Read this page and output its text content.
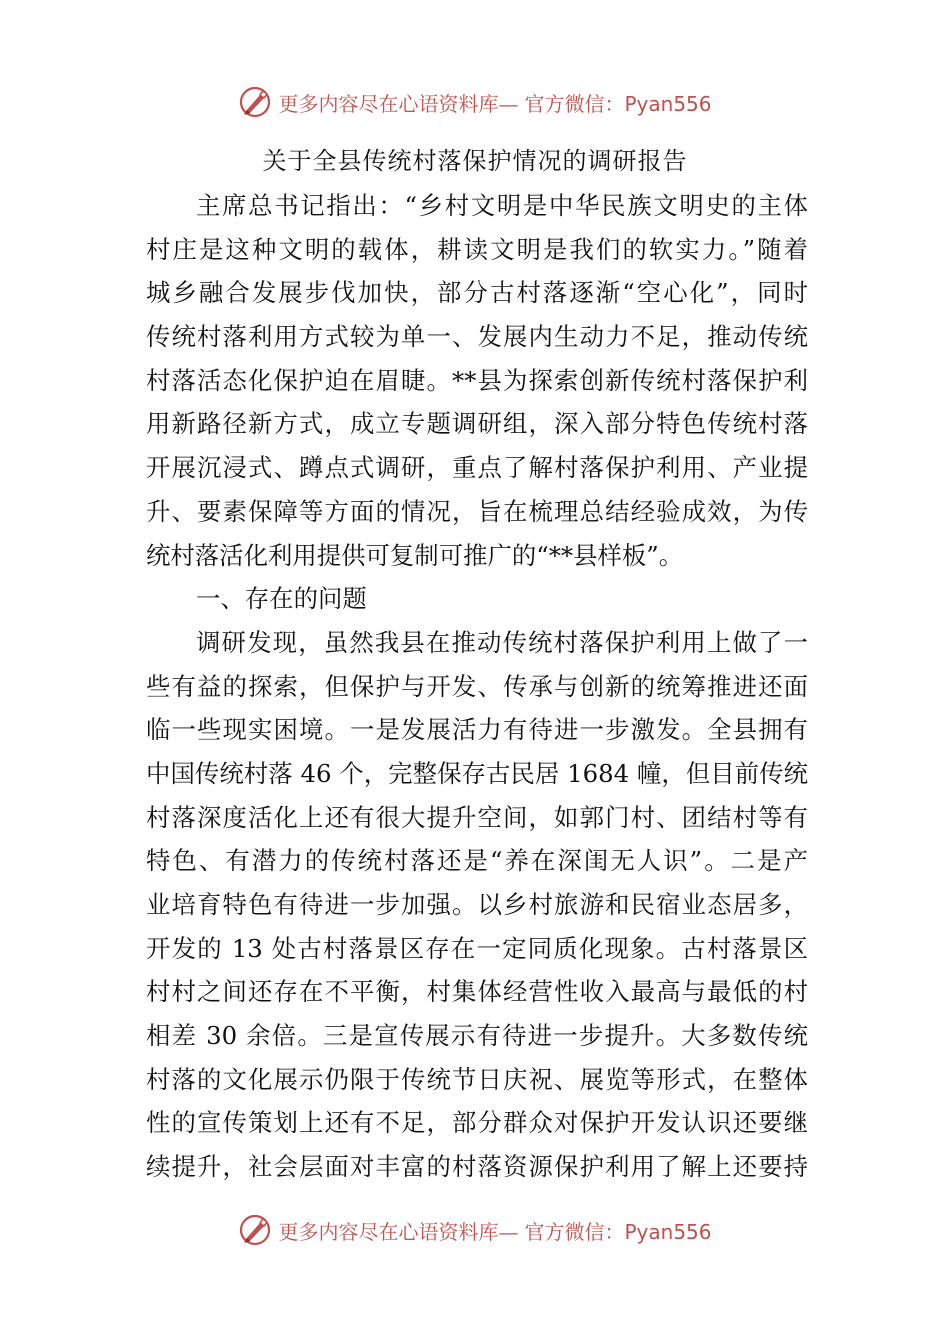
更多内容尽在心语资料库— 官方微信：Pyan556
关于全县传统村落保护情况的调研报告
主席总书记指出：“乡村文明是中华民族文明史的主体
村庄是这种文明的载体，耕读文明是我们的软实力。”随着
城乡融合发展步伐加快，部分古村落逐渐“空心化”，同时
传统村落利用方式较为单一、发展内生动力不足，推动传统
村落活态化保护迫在眉睫。**县为探索创新传统村落保护利
用新路径新方式，成立专题调研组，深入部分特色传统村落
开展沉浸式、蹲点式调研，重点了解村落保护利用、产业提
升、要素保障等方面的情况，旨在梳理总结经验成效，为传
统村落活化利用提供可复制可推广的“**县样板”。
一、存在的问题
调研发现，虽然我县在推动传统村落保护利用上做了一
些有益的探索，但保护与开发、传承与创新的统筹推进还面
临一些现实困境。一是发展活力有待进一步激发。全县拥有
中国传统村落 46 个，完整保存古民居 1684 幢，但目前传统
村落深度活化上还有很大提升空间，如郭门村、团结村等有
特色、有潜力的传统村落还是“养在深闺无人识”。二是产
业培育特色有待进一步加强。以乡村旅游和民宿业态居多，
开发的 13 处古村落景区存在一定同质化现象。古村落景区
村村之间还存在不平衡，村集体经营性收入最高与最低的村
相差 30 余倍。三是宣传展示有待进一步提升。大多数传统
村落的文化展示仍限于传统节日庆祝、展览等形式，在整体
性的宣传策划上还有不足，部分群众对保护开发认识还要继
续提升，社会层面对丰富的村落资源保护利用了解上还要持
更多内容尽在心语资料库— 官方微信：Pyan556
